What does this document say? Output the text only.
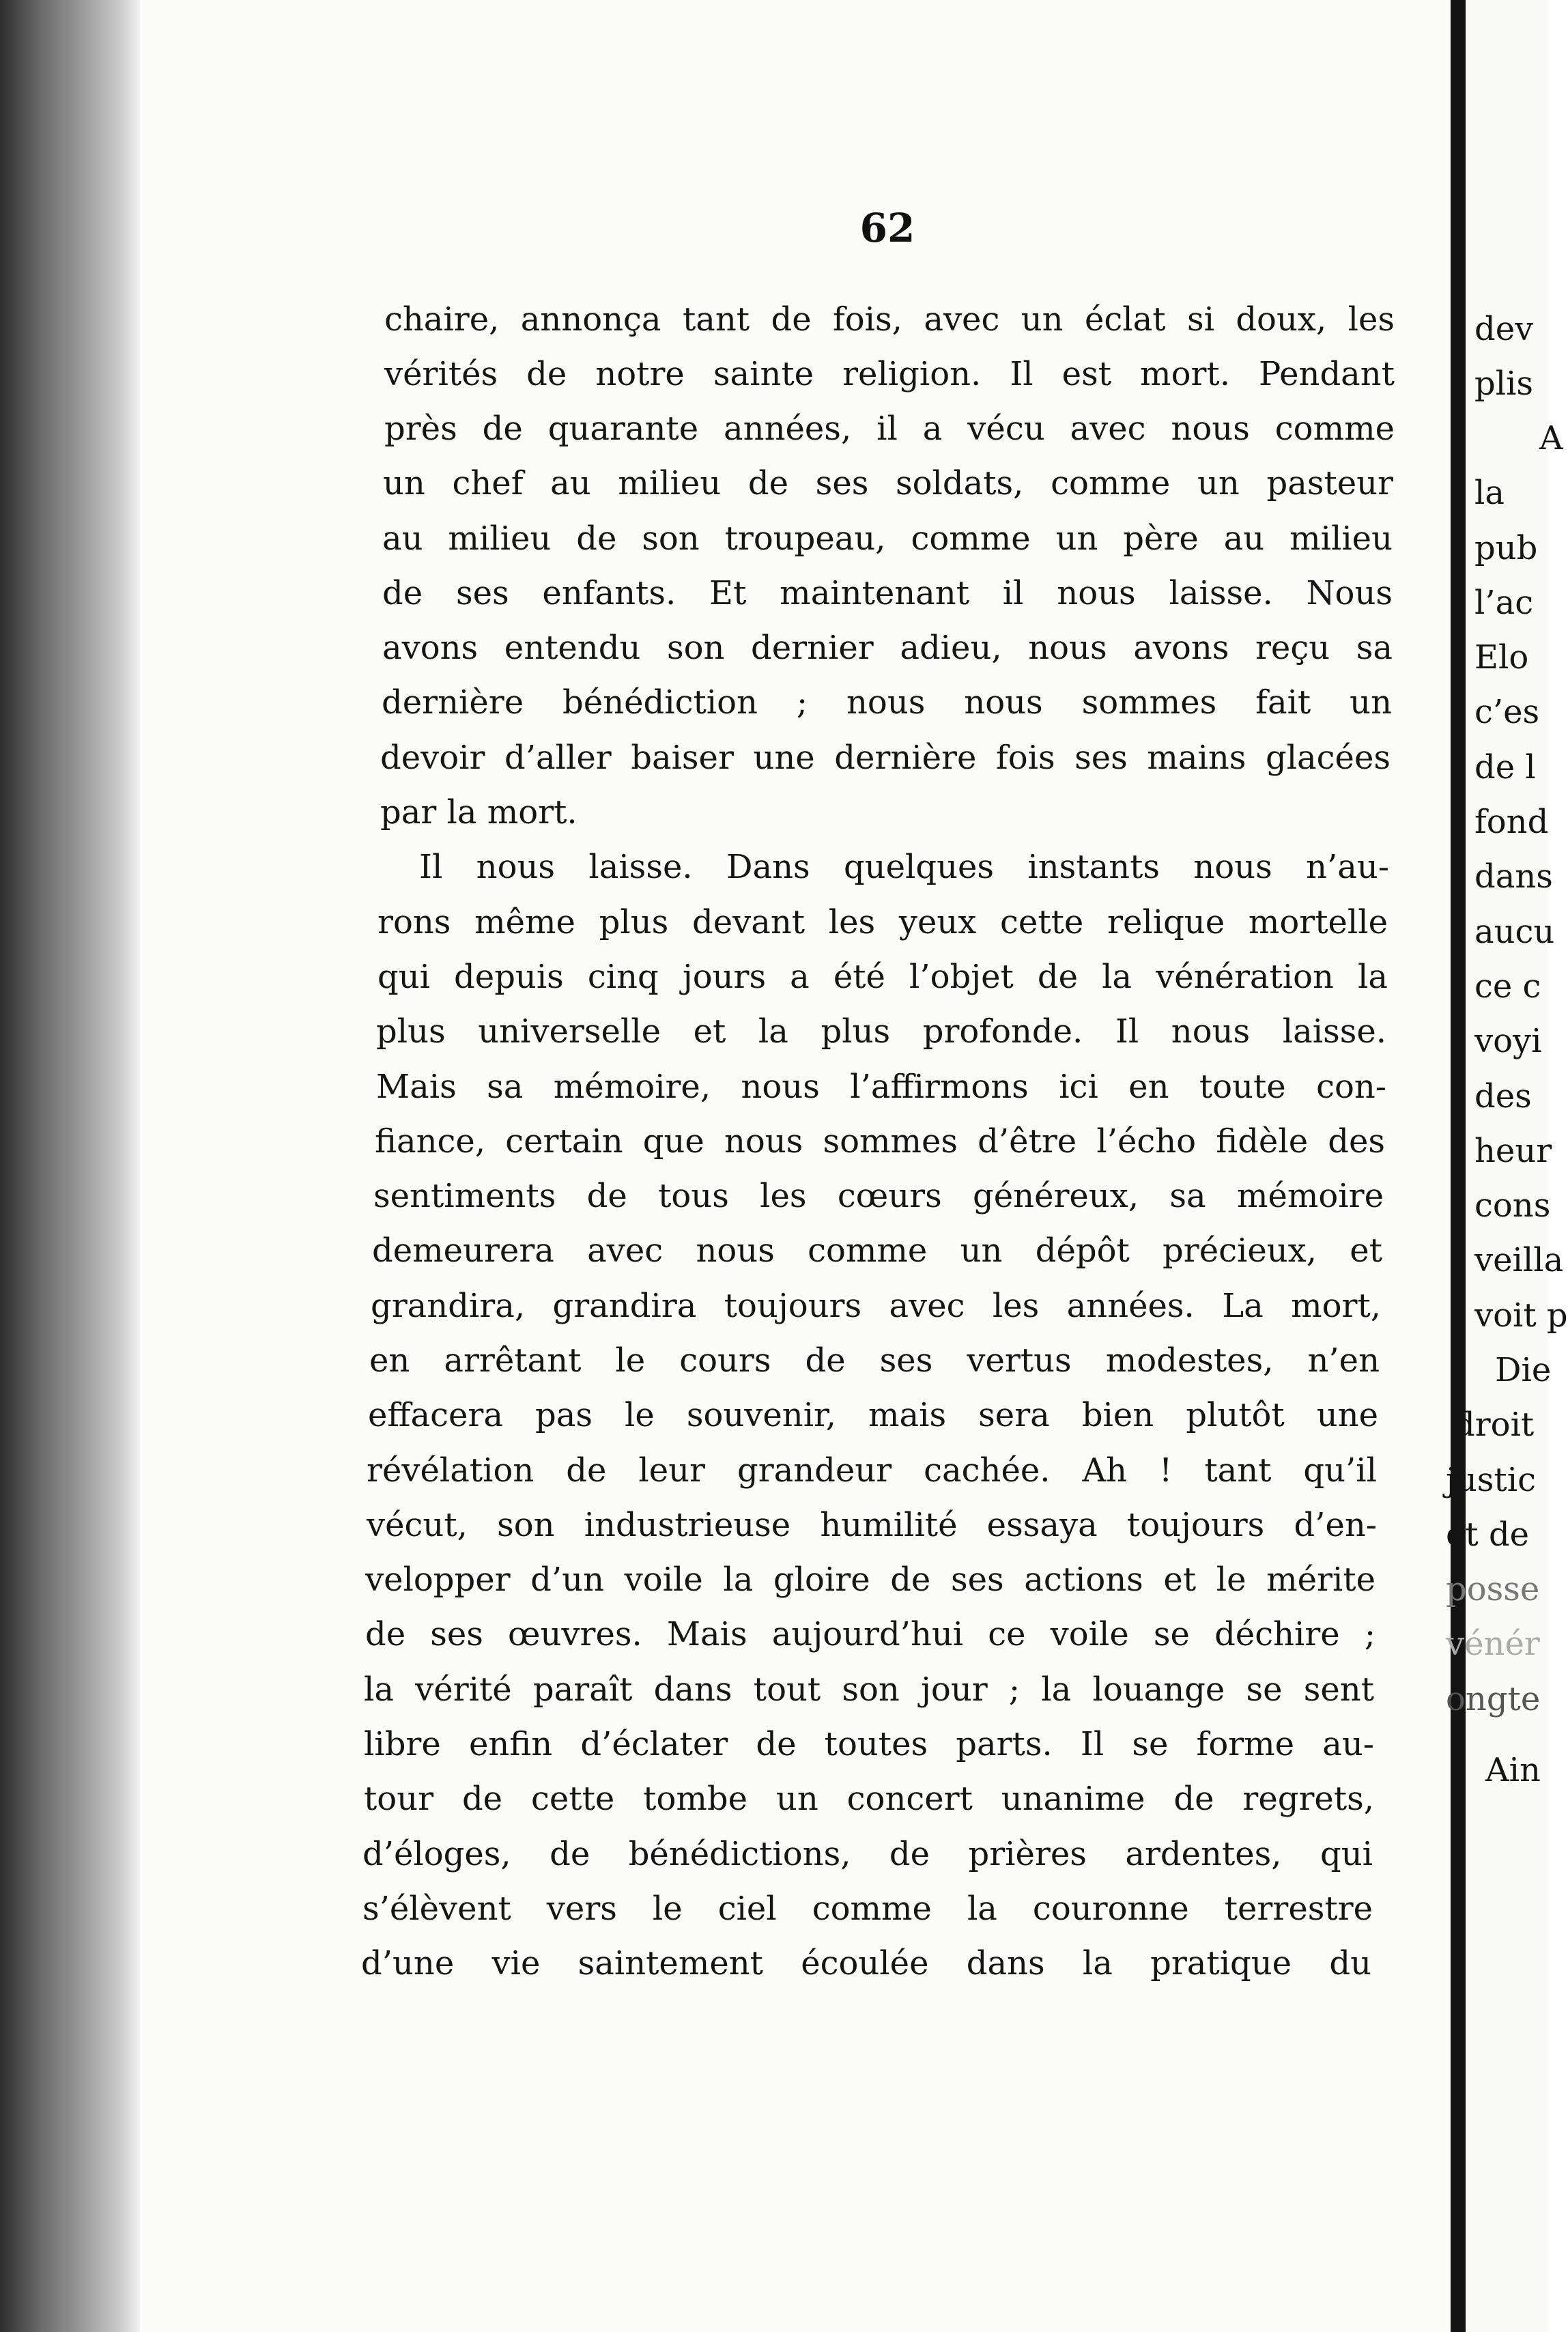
62
chaire, annonça tant de fois, avec un éclat si doux, les
vérités de notre sainte religion. Il est mort. Pendant
près de quarante années, il a vécu avec nous comme
un chef au milieu de ses soldats, comme un pasteur
au milieu de son troupeau, comme un père au milieu
de ses enfants. Et maintenant il nous laisse. Nous
avons entendu son dernier adieu, nous avons reçu sa
dernière bénédiction ; nous nous sommes fait un
devoir d’aller baiser une dernière fois ses mains glacées
par la mort.
Il nous laisse. Dans quelques instants nous n’au-
rons même plus devant les yeux cette relique mortelle
qui depuis cinq jours a été l’objet de la vénération la
plus universelle et la plus profonde. Il nous laisse.
Mais sa mémoire, nous l’affirmons ici en toute con-
fiance, certain que nous sommes d’être l’écho fidèle des
sentiments de tous les cœurs généreux, sa mémoire
demeurera avec nous comme un dépôt précieux, et
grandira, grandira toujours avec les années. La mort,
en arrêtant le cours de ses vertus modestes, n’en
effacera pas le souvenir, mais sera bien plutôt une
révélation de leur grandeur cachée. Ah ! tant qu’il
vécut, son industrieuse humilité essaya toujours d’en-
velopper d’un voile la gloire de ses actions et le mérite
de ses œuvres. Mais aujourd’hui ce voile se déchire ;
la vérité paraît dans tout son jour ; la louange se sent
libre enfin d’éclater de toutes parts. Il se forme au-
tour de cette tombe un concert unanime de regrets,
d’éloges, de bénédictions, de prières ardentes, qui
s’élèvent vers le ciel comme la couronne terrestre
d’une vie saintement écoulée dans la pratique du
dev
plis
A
la
pub
l’ac
Elo
c’es
de l
fond
dans
aucu
ce c
voyi
des
heur
cons
veilla
voit p
Die
droit
justic
et de
posse
vénér
ongte
Ain
